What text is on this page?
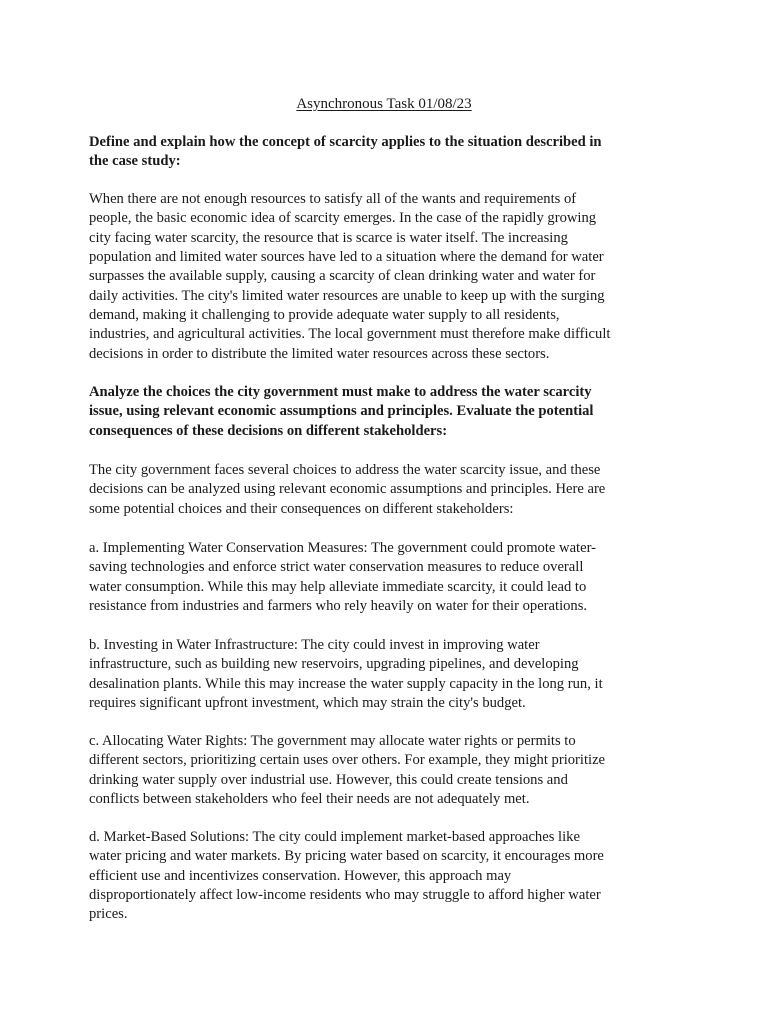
Asynchronous Task 01/08/23
Define and explain how the concept of scarcity applies to the situation described in
the case study:
When there are not enough resources to satisfy all of the wants and requirements of
people, the basic economic idea of scarcity emerges. In the case of the rapidly growing
city facing water scarcity, the resource that is scarce is water itself. The increasing
population and limited water sources have led to a situation where the demand for water
surpasses the available supply, causing a scarcity of clean drinking water and water for
daily activities. The city's limited water resources are unable to keep up with the surging
demand, making it challenging to provide adequate water supply to all residents,
industries, and agricultural activities. The local government must therefore make difficult
decisions in order to distribute the limited water resources across these sectors.
Analyze the choices the city government must make to address the water scarcity
issue, using relevant economic assumptions and principles. Evaluate the potential
consequences of these decisions on different stakeholders:
The city government faces several choices to address the water scarcity issue, and these
decisions can be analyzed using relevant economic assumptions and principles. Here are
some potential choices and their consequences on different stakeholders:
a. Implementing Water Conservation Measures: The government could promote water-
saving technologies and enforce strict water conservation measures to reduce overall
water consumption. While this may help alleviate immediate scarcity, it could lead to
resistance from industries and farmers who rely heavily on water for their operations.
b. Investing in Water Infrastructure: The city could invest in improving water
infrastructure, such as building new reservoirs, upgrading pipelines, and developing
desalination plants. While this may increase the water supply capacity in the long run, it
requires significant upfront investment, which may strain the city's budget.
c. Allocating Water Rights: The government may allocate water rights or permits to
different sectors, prioritizing certain uses over others. For example, they might prioritize
drinking water supply over industrial use. However, this could create tensions and
conflicts between stakeholders who feel their needs are not adequately met.
d. Market-Based Solutions: The city could implement market-based approaches like
water pricing and water markets. By pricing water based on scarcity, it encourages more
efficient use and incentivizes conservation. However, this approach may
disproportionately affect low-income residents who may struggle to afford higher water
prices.
